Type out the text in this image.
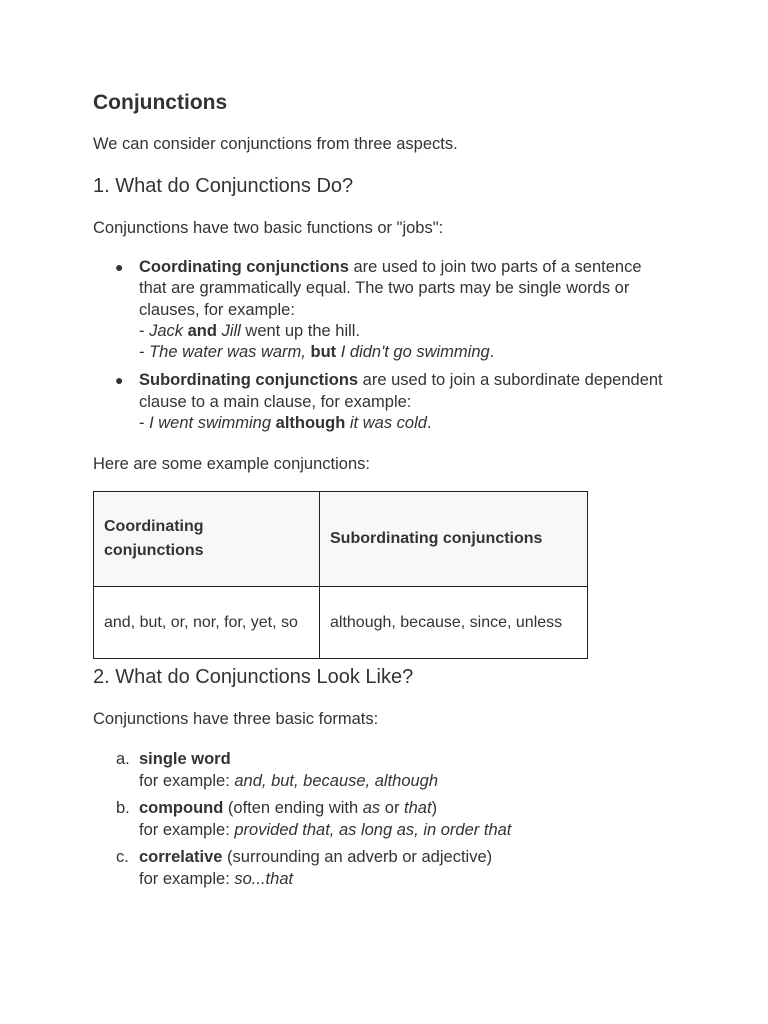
Conjunctions

We can consider conjunctions from three aspects.

1. What do Conjunctions Do?

Conjunctions have two basic functions or "jobs":

● Coordinating conjunctions are used to join two parts of a sentence
that are grammatically equal. The two parts may be single words or
clauses, for example:
- Jack and Jill went up the hill.
- The water was warm, but I didn't go swimming.
● Subordinating conjunctions are used to join a subordinate dependent
clause to a main clause, for example:
- I went swimming although it was cold.

Here are some example conjunctions:

Coordinating
conjunctions	Subordinating conjunctions
and, but, or, nor, for, yet, so	although, because, since, unless
2. What do Conjunctions Look Like?

Conjunctions have three basic formats:

a. single word
for example: and, but, because, although
b. compound (often ending with as or that)
for example: provided that, as long as, in order that
c. correlative (surrounding an adverb or adjective)
for example: so...that
